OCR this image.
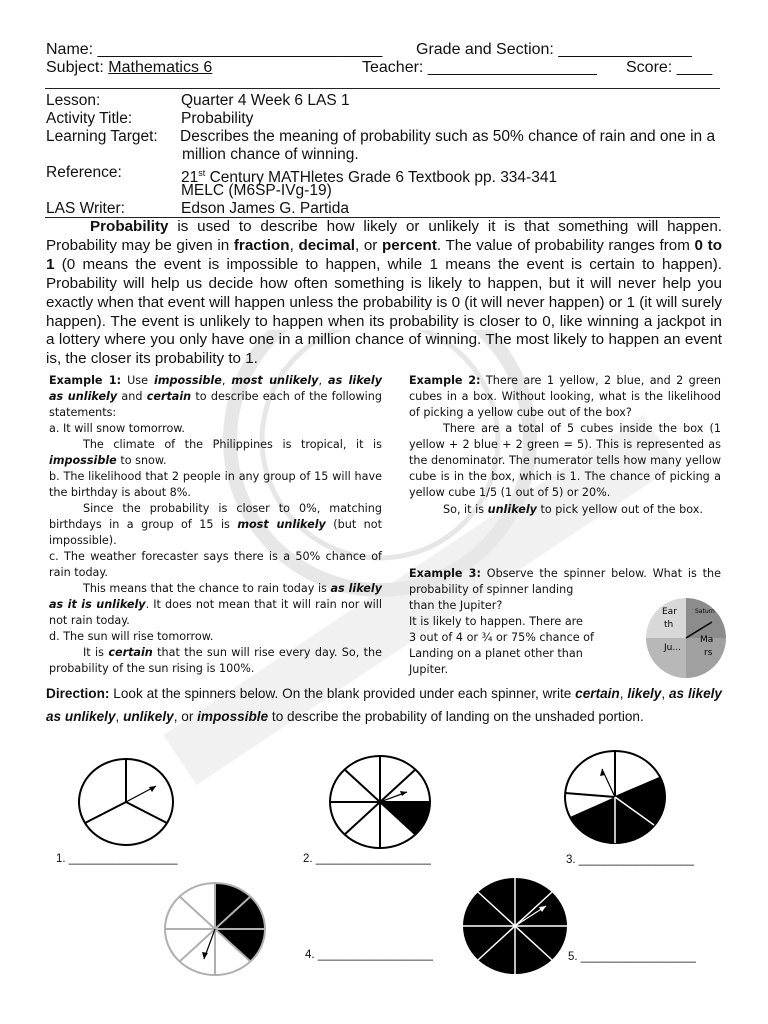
Name: ________________________________ Grade and Section: _______________
Subject: Mathematics 6	Teacher: ___________________ Score: ____
Lesson:	Quarter 4 Week 6 LAS 1
Activity Title:	Probability
Learning Target: Describes the meaning of probability such as 50% chance of rain and one in a million chance of winning.
Reference:	21st Century MATHletes Grade 6 Textbook pp. 334-341
MELC (M6SP-IVg-19)
LAS Writer:	Edson James G. Partida
Probability is used to describe how likely or unlikely it is that something will happen. Probability may be given in fraction, decimal, or percent. The value of probability ranges from 0 to 1 (0 means the event is impossible to happen, while 1 means the event is certain to happen). Probability will help us decide how often something is likely to happen, but it will never help you exactly when that event will happen unless the probability is 0 (it will never happen) or 1 (it will surely happen). The event is unlikely to happen when its probability is closer to 0, like winning a jackpot in a lottery where you only have one in a million chance of winning. The most likely to happen an event is, the closer its probability to 1.

Example 1: Use impossible, most unlikely, as likely as unlikely and certain to describe each of the following statements:

a. It will snow tomorrow.

The climate of the Philippines is tropical, it is impossible to snow.

b. The likelihood that 2 people in any group of 15 will have the birthday is about 8%.

Since the probability is closer to 0%, matching birthdays in a group of 15 is most unlikely (but not impossible).

c. The weather forecaster says there is a 50% chance of rain today.

This means that the chance to rain today is as likely as it is unlikely. It does not mean that it will rain nor will not rain today.

d. The sun will rise tomorrow.

It is certain that the sun will rise every day. So, the probability of the sun rising is 100%.

Example 2: There are 1 yellow, 2 blue, and 2 green cubes in a box. Without looking, what is the likelihood of picking a yellow cube out of the box?

There are a total of 5 cubes inside the box (1 yellow + 2 blue + 2 green = 5). This is represented as the denominator. The numerator tells how many yellow cube is in the box, which is 1. The chance of picking a yellow cube 1/5 (1 out of 5) or 20%.

So, it is unlikely to pick yellow out of the box.

Example 3: Observe the spinner below. What is the probability of spinner landing

than the Jupiter?

It is likely to happen. There are

3 out of 4 or ¾ or 75% chance of

Landing on a planet other than

Jupiter.

Ear
th
Saturn
Ma
rs
Ju...
Direction: Look at the spinners below. On the blank provided under each spinner, write certain, likely, as likely as unlikely, unlikely, or impossible to describe the probability of landing on the unshaded portion.
1. _________________	2. __________________	3. __________________
4. __________________	5. __________________
